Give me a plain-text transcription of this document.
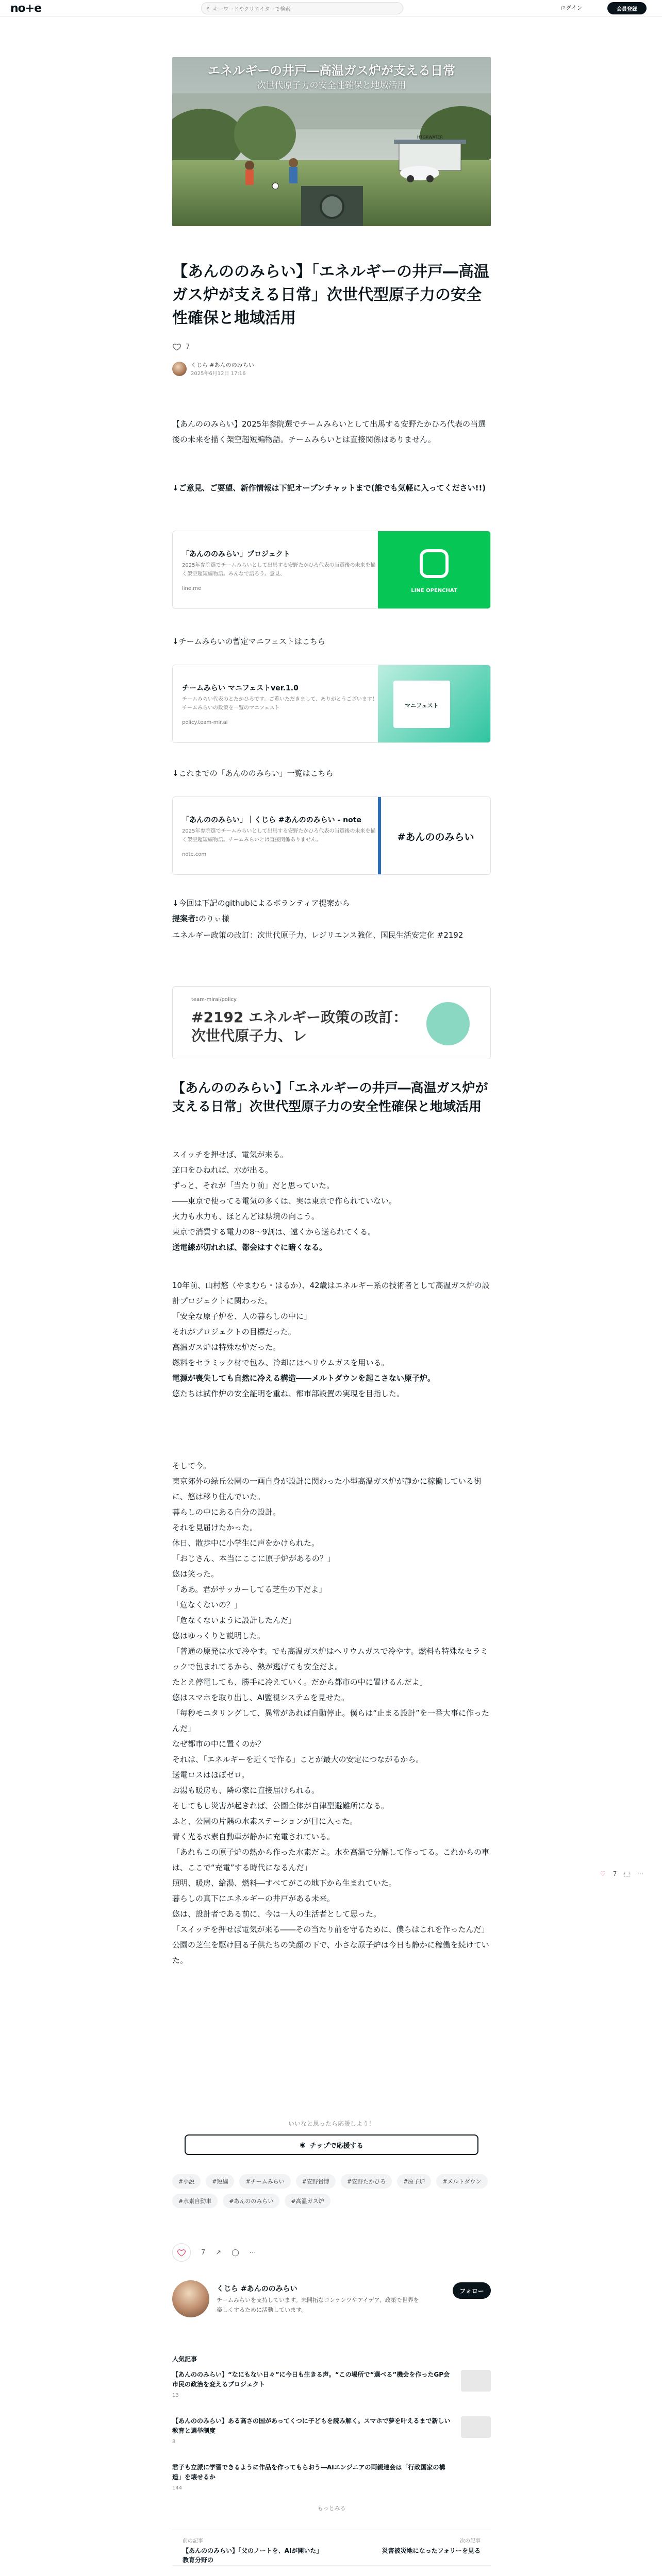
no+e	⌕ キーワードやクリエイターで検索	ログイン	会員登録
HTGRWATER
エネルギーの井戸―高温ガス炉が支える日常
次世代原子力の安全性確保と地域活用
【あんののみらい】「エネルギーの井戸―高温ガス炉が支える日常」次世代型原子力の安全性確保と地域活用
7
くじら #あんののみらい
2025年6月12日 17:16

【あんののみらい】2025年参院選でチームみらいとして出馬する安野たかひろ代表の当選後の未来を描く架空超短編物語。チームみらいとは直接関係はありません。

↓ご意見、ご要望、新作情報は下記オープンチャットまで(誰でも気軽に入ってください!!)

「あんののみらい」プロジェクト
2025年参院選でチームみらいとして出馬する安野たかひろ代表の当選後の未来を描く架空超短編物語。みんなで語ろう。意見、
line.me	LINE OPENCHAT

↓チームみらいの暫定マニフェストはこちら

チームみらい マニフェストver.1.0
チームみらい代表のとたかひろです。ご覧いただきまして、ありがとうございます！チームみらいの政策を一覧のマニフェスト
policy.team-mir.ai
マニフェスト

↓これまでの「あんののみらい」一覧はこちら

「あんののみらい」｜くじら #あんののみらい - note
2025年参院選でチームみらいとして出馬する安野たかひろ代表の当選後の未来を描く架空超短編物語。チームみらいとは直接関係ありません。
note.com
#あんののみらい

↓今回は下記のgithubによるボランティア提案から

提案者:のりぃ様

エネルギー政策の改訂：次世代原子力、レジリエンス強化、国民生活安定化 #2192

team-mirai/policy
#2192 エネルギー政策の改訂：次世代原子力、レ
【あんののみらい】「エネルギーの井戸―高温ガス炉が支える日常」次世代型原子力の安全性確保と地域活用
スイッチを押せば、電気が来る。
蛇口をひねれば、水が出る。
ずっと、それが「当たり前」だと思っていた。
――東京で使ってる電気の多くは、実は東京で作られていない。
火力も水力も、ほとんどは県境の向こう。
東京で消費する電力の8〜9割は、遠くから送られてくる。
送電線が切れれば、都会はすぐに暗くなる。
10年前、山村悠（やまむら・はるか）、42歳はエネルギー系の技術者として高温ガス炉の設計プロジェクトに関わった。
「安全な原子炉を、人の暮らしの中に」
それがプロジェクトの目標だった。
高温ガス炉は特殊な炉だった。
燃料をセラミック材で包み、冷却にはヘリウムガスを用いる。
電源が喪失しても自然に冷える構造――メルトダウンを起こさない原子炉。
悠たちは試作炉の安全証明を重ね、都市部設置の実現を目指した。
そして今。
東京郊外の緑丘公園の一画自身が設計に関わった小型高温ガス炉が静かに稼働している街に、悠は移り住んでいた。
暮らしの中にある自分の設計。
それを見届けたかった。
休日、散歩中に小学生に声をかけられた。
「おじさん、本当にここに原子炉があるの？」
悠は笑った。
「ああ。君がサッカーしてる芝生の下だよ」
「危なくないの？」
「危なくないように設計したんだ」
悠はゆっくりと説明した。
「普通の原発は水で冷やす。でも高温ガス炉はヘリウムガスで冷やす。燃料も特殊なセラミックで包まれてるから、熱が逃げても安全だよ。
たとえ停電しても、勝手に冷えていく。だから都市の中に置けるんだよ」
悠はスマホを取り出し、AI監視システムを見せた。
「毎秒モニタリングして、異常があれば自動停止。僕らは“止まる設計”を一番大事に作ったんだ」
なぜ都市の中に置くのか？
それは、「エネルギーを近くで作る」ことが最大の安定につながるから。
送電ロスはほぼゼロ。
お湯も暖房も、隣の家に直接届けられる。
そしてもし災害が起きれば、公園全体が自律型避難所になる。
ふと、公園の片隅の水素ステーションが目に入った。
青く光る水素自動車が静かに充電されている。
「あれもこの原子炉の熱から作った水素だよ。水を高温で分解して作ってる。これからの車は、ここで“充電”する時代になるんだ」
照明、暖房、給湯、燃料―すべてがこの地下から生まれていた。
暮らしの真下にエネルギーの井戸がある未来。
悠は、設計者である前に、今は一人の生活者として思った。
「スイッチを押せば電気が来る――その当たり前を守るために、僕らはこれを作ったんだ」
公園の芝生を駆け回る子供たちの笑顔の下で、小さな原子炉は今日も静かに稼働を続けていた。
いいなと思ったら応援しよう！
◉ チップで応援する
#小説	#短編	#チームみらい	#安野貴博	#安野たかひろ	#原子炉	#メルトダウン
#水素自動車	#あんののみらい	#高温ガス炉
7 ↗ ◯ ⋯
くじら #あんののみらい
チームみらいを支持しています。未開拓なコンテンツやアイデア、政策で世界を楽しくするために活動しています。
フォロー
人気記事
【あんののみらい】“なにもない日々”に今日も生きる声。“この場所で“選べる”機会を作ったGP会市民の政治を変えるプロジェクト
13
【あんののみらい】ある高さの国があってくつに子どもを読み解く。スマホで夢を叶えるまで新しい教育と選挙制度
8
君子も立派に学習できるように作品を作ってもらおう―AIエンジニアの両親連会は「行政国家の構造」を壊せるか
144
もっとみる
前の記事
【あんののみらい】「父のノートを、AIが開いた」教育分野の
次の記事
災害被災地になったフォリーを見る
♡ 7 ⬚ ⋯
